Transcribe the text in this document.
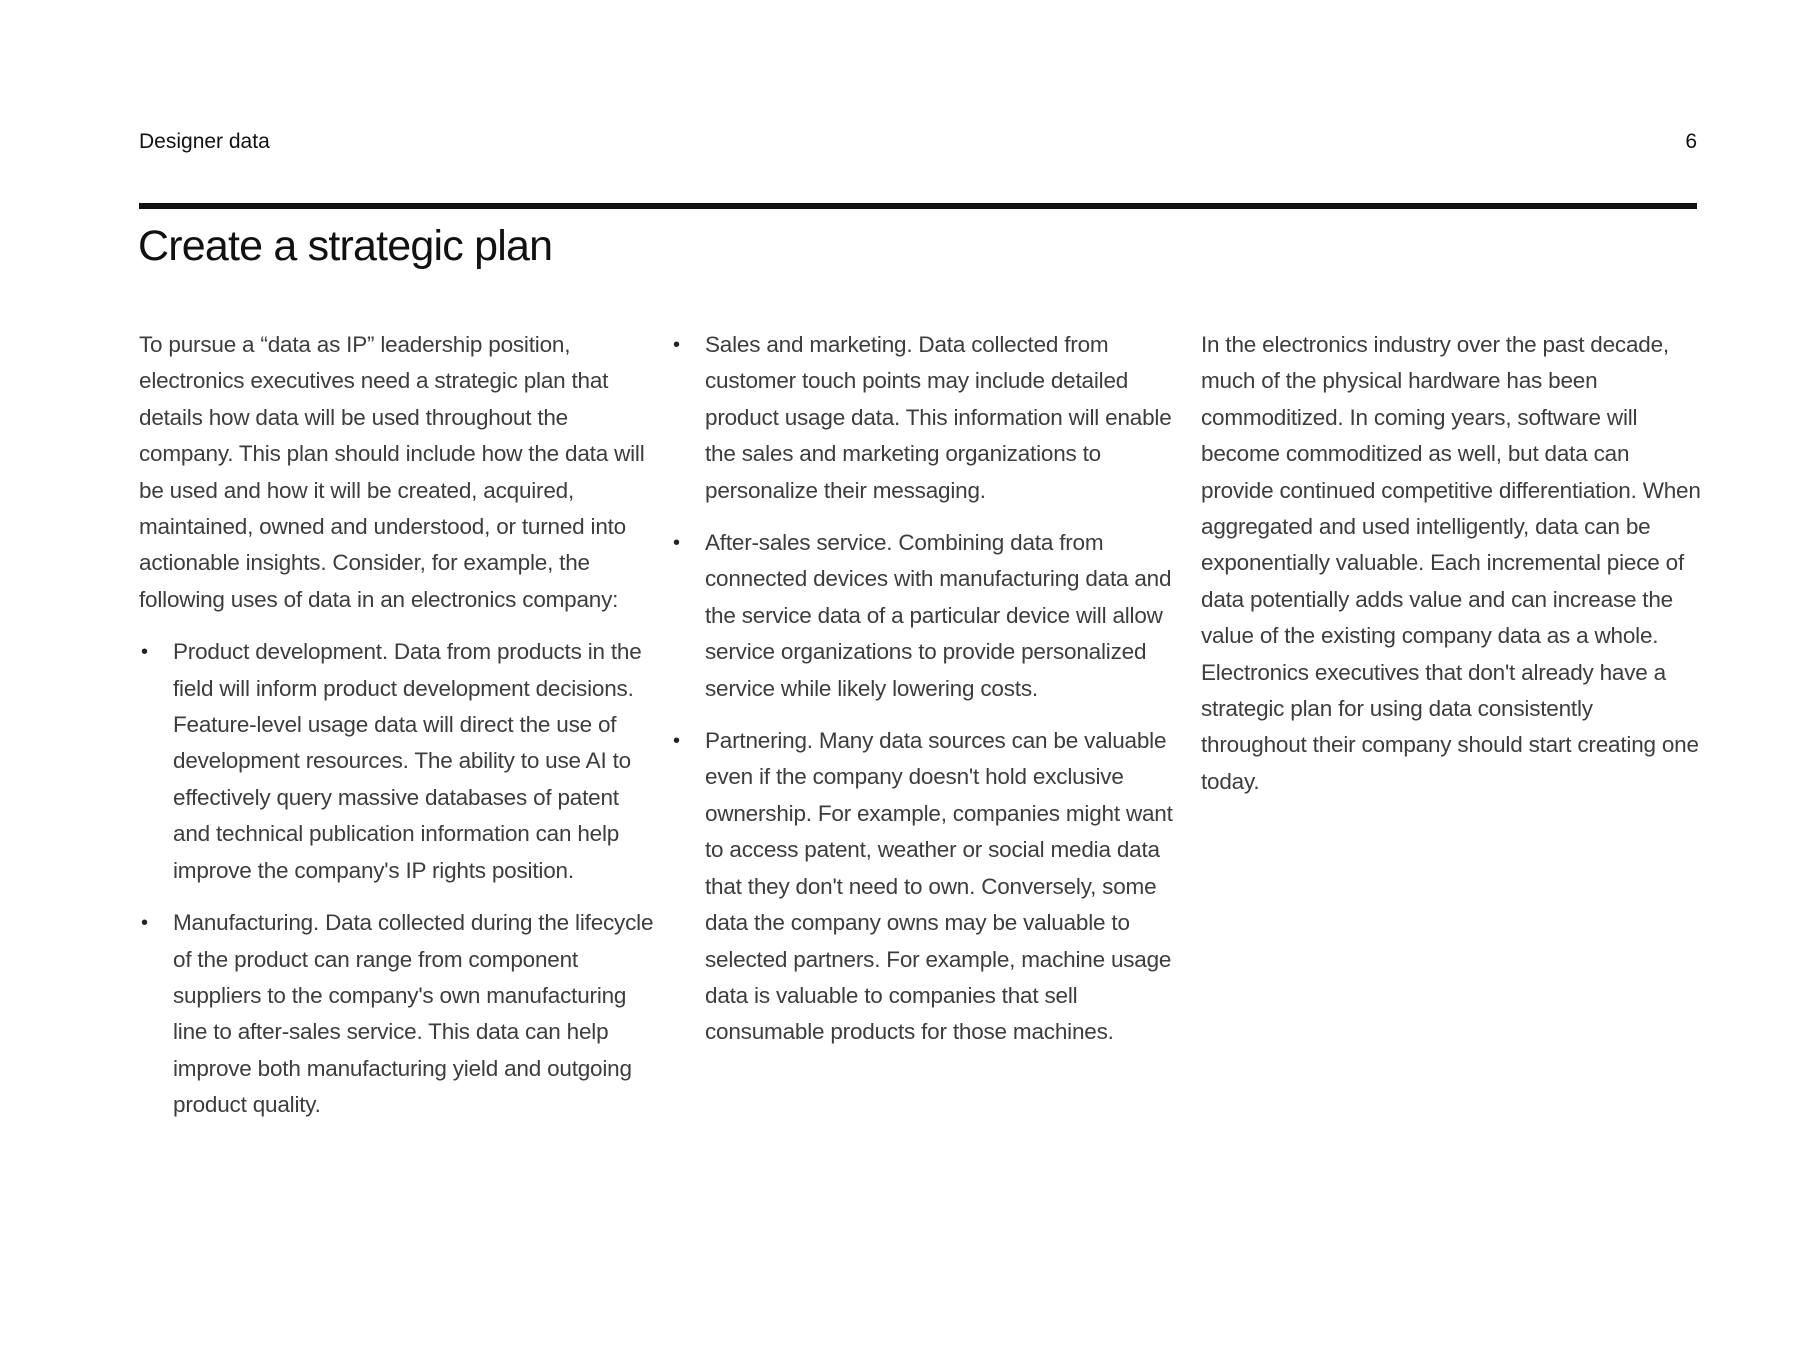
Designer data	6
Create a strategic plan

To pursue a “data as IP” leadership position, electronics executives need a strategic plan that details how data will be used throughout the company. This plan should include how the data will be used and how it will be created, acquired, maintained, owned and understood, or turned into actionable insights. Consider, for example, the following uses of data in an electronics company:

• Product development. Data from products in the field will inform product development decisions. Feature-level usage data will direct the use of development resources. The ability to use AI to effectively query massive databases of patent and technical publication information can help improve the company's IP rights position.
• Manufacturing. Data collected during the lifecycle of the product can range from component suppliers to the company's own manufacturing line to after-sales service. This data can help improve both manufacturing yield and outgoing product quality.
• Sales and marketing. Data collected from customer touch points may include detailed product usage data. This information will enable the sales and marketing organizations to personalize their messaging.
• After-sales service. Combining data from connected devices with manufacturing data and the service data of a particular device will allow service organizations to provide personalized service while likely lowering costs.
• Partnering. Many data sources can be valuable even if the company doesn't hold exclusive ownership. For example, companies might want to access patent, weather or social media data that they don't need to own. Conversely, some data the company owns may be valuable to selected partners. For example, machine usage data is valuable to companies that sell consumable products for those machines.

In the electronics industry over the past decade, much of the physical hardware has been commoditized. In coming years, software will become commoditized as well, but data can provide continued competitive differentiation. When aggregated and used intelligently, data can be exponentially valuable. Each incremental piece of data potentially adds value and can increase the value of the existing company data as a whole. Electronics executives that don't already have a strategic plan for using data consistently throughout their company should start creating one today.
